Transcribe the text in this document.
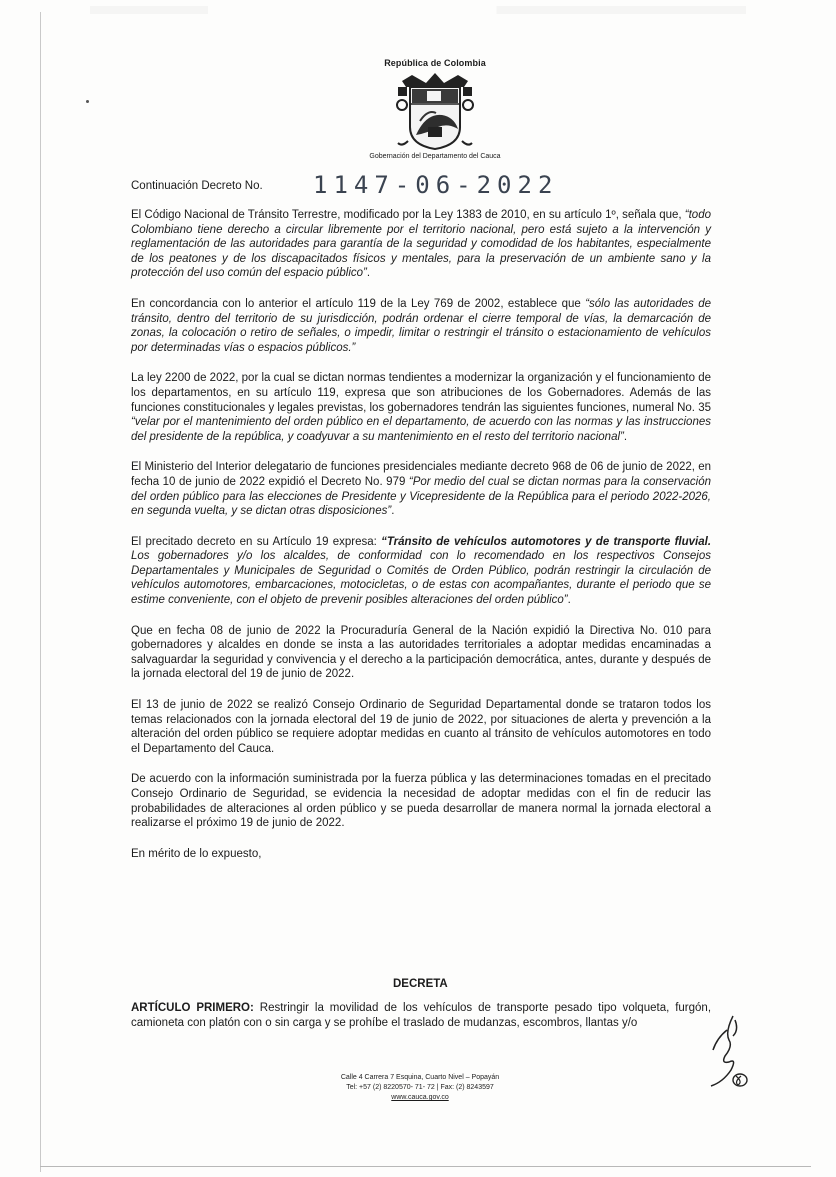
República de Colombia
Gobernación del Departamento del Cauca
Continuación Decreto No. 1147-06-2022

El Código Nacional de Tránsito Terrestre, modificado por la Ley 1383 de 2010, en su artículo 1º, señala que, “todo Colombiano tiene derecho a circular libremente por el territorio nacional, pero está sujeto a la intervención y reglamentación de las autoridades para garantía de la seguridad y comodidad de los habitantes, especialmente de los peatones y de los discapacitados físicos y mentales, para la preservación de un ambiente sano y la protección del uso común del espacio público”.

En concordancia con lo anterior el artículo 119 de la Ley 769 de 2002, establece que “sólo las autoridades de tránsito, dentro del territorio de su jurisdicción, podrán ordenar el cierre temporal de vías, la demarcación de zonas, la colocación o retiro de señales, o impedir, limitar o restringir el tránsito o estacionamiento de vehículos por determinadas vías o espacios públicos.”

La ley 2200 de 2022, por la cual se dictan normas tendientes a modernizar la organización y el funcionamiento de los departamentos, en su artículo 119, expresa que son atribuciones de los Gobernadores. Además de las funciones constitucionales y legales previstas, los gobernadores tendrán las siguientes funciones, numeral No. 35 “velar por el mantenimiento del orden público en el departamento, de acuerdo con las normas y las instrucciones del presidente de la república, y coadyuvar a su mantenimiento en el resto del territorio nacional”.

El Ministerio del Interior delegatario de funciones presidenciales mediante decreto 968 de 06 de junio de 2022, en fecha 10 de junio de 2022 expidió el Decreto No. 979 “Por medio del cual se dictan normas para la conservación del orden público para las elecciones de Presidente y Vicepresidente de la República para el periodo 2022-2026, en segunda vuelta, y se dictan otras disposiciones”.

El precitado decreto en su Artículo 19 expresa: “Tránsito de vehículos automotores y de transporte fluvial. Los gobernadores y/o los alcaldes, de conformidad con lo recomendado en los respectivos Consejos Departamentales y Municipales de Seguridad o Comités de Orden Público, podrán restringir la circulación de vehículos automotores, embarcaciones, motocicletas, o de estas con acompañantes, durante el periodo que se estime conveniente, con el objeto de prevenir posibles alteraciones del orden público”.

Que en fecha 08 de junio de 2022 la Procuraduría General de la Nación expidió la Directiva No. 010 para gobernadores y alcaldes en donde se insta a las autoridades territoriales a adoptar medidas encaminadas a salvaguardar la seguridad y convivencia y el derecho a la participación democrática, antes, durante y después de la jornada electoral del 19 de junio de 2022.

El 13 de junio de 2022 se realizó Consejo Ordinario de Seguridad Departamental donde se trataron todos los temas relacionados con la jornada electoral del 19 de junio de 2022, por situaciones de alerta y prevención a la alteración del orden público se requiere adoptar medidas en cuanto al tránsito de vehículos automotores en todo el Departamento del Cauca.

De acuerdo con la información suministrada por la fuerza pública y las determinaciones tomadas en el precitado Consejo Ordinario de Seguridad, se evidencia la necesidad de adoptar medidas con el fin de reducir las probabilidades de alteraciones al orden público y se pueda desarrollar de manera normal la jornada electoral a realizarse el próximo 19 de junio de 2022.

En mérito de lo expuesto,

DECRETA
ARTÍCULO PRIMERO: Restringir la movilidad de los vehículos de transporte pesado tipo volqueta, furgón, camioneta con platón con o sin carga y se prohíbe el traslado de mudanzas, escombros, llantas y/o
Calle 4 Carrera 7 Esquina, Cuarto Nivel – Popayán
Tel: +57 (2) 8220570- 71- 72 | Fax: (2) 8243597
www.cauca.gov.co
